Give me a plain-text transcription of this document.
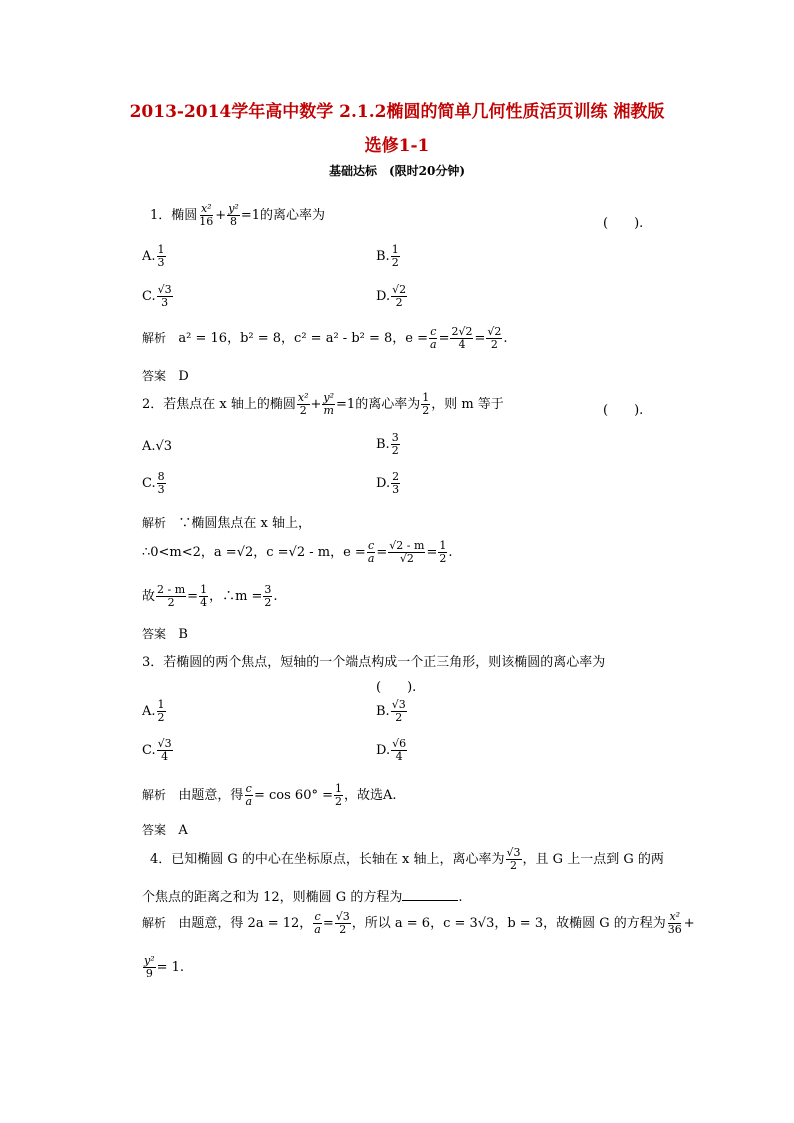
2013-2014学年高中数学 2.1.2椭圆的简单几何性质活页训练 湘教版
选修1-1
基础达标　(限时20分钟)
1．椭圆 $\frac{\text{x²}}{16} + \frac{\text{y²}}{8} =1$的离心率为
(　　).
A. $\frac{1}{3}$	B. $\frac{1}{2}$
C. $\frac{√3}{3}$	D. $\frac{√2}{2}$
解析 a² = 16，b² = 8，c² = a² - b² = 8，$e = \frac{c}{a} = \frac{2√2}{4} = \frac{√2}{2}$ .
答案 D
2．若焦点在 x 轴上的椭圆 $\frac{\text{x²}}{2} + \frac{\text{y²}}{m} =1$的离心率为 $\frac{1}{2}$ ，则 m 等于	(　　).
A.√3	B. $\frac{3}{2}$
C. $\frac{8}{3}$	D. $\frac{2}{3}$
解析 ∵椭圆焦点在 x 轴上，
∴0<m<2，a =√2，c =√2 - m，$e = \frac{c}{a} = \frac{√2 - m}{√2} = \frac{1}{2}$ .
故 $\frac{2 - m}{2} = \frac{1}{4}$ ，∴m = $\frac{3}{2}$ .
答案 B
3．若椭圆的两个焦点，短轴的一个端点构成一个正三角形，则该椭圆的离心率为
(　　).
A. $\frac{1}{2}$	B. $\frac{√3}{2}$
C. $\frac{√3}{4}$	D. $\frac{√6}{4}$
解析 由题意，得 $\frac{c}{a} = \cos 60^\circ = \frac{1}{2}$ ，故选A.
答案 A
4．已知椭圆 G 的中心在坐标原点，长轴在 x 轴上，离心率为 $\frac{√3}{2}$ ，且 G 上一点到 G 的两
个焦点的距离之和为 12，则椭圆 G 的方程为	.
解析 由题意，得 2a = 12， $\frac{c}{a} = \frac{√3}{2}$ ，所以 a = 6，c = 3√3，b = 3，故椭圆 G 的方程为 $\frac{\text{x²}}{36}$ +
$\frac{\text{y²}}{9} = 1$.
